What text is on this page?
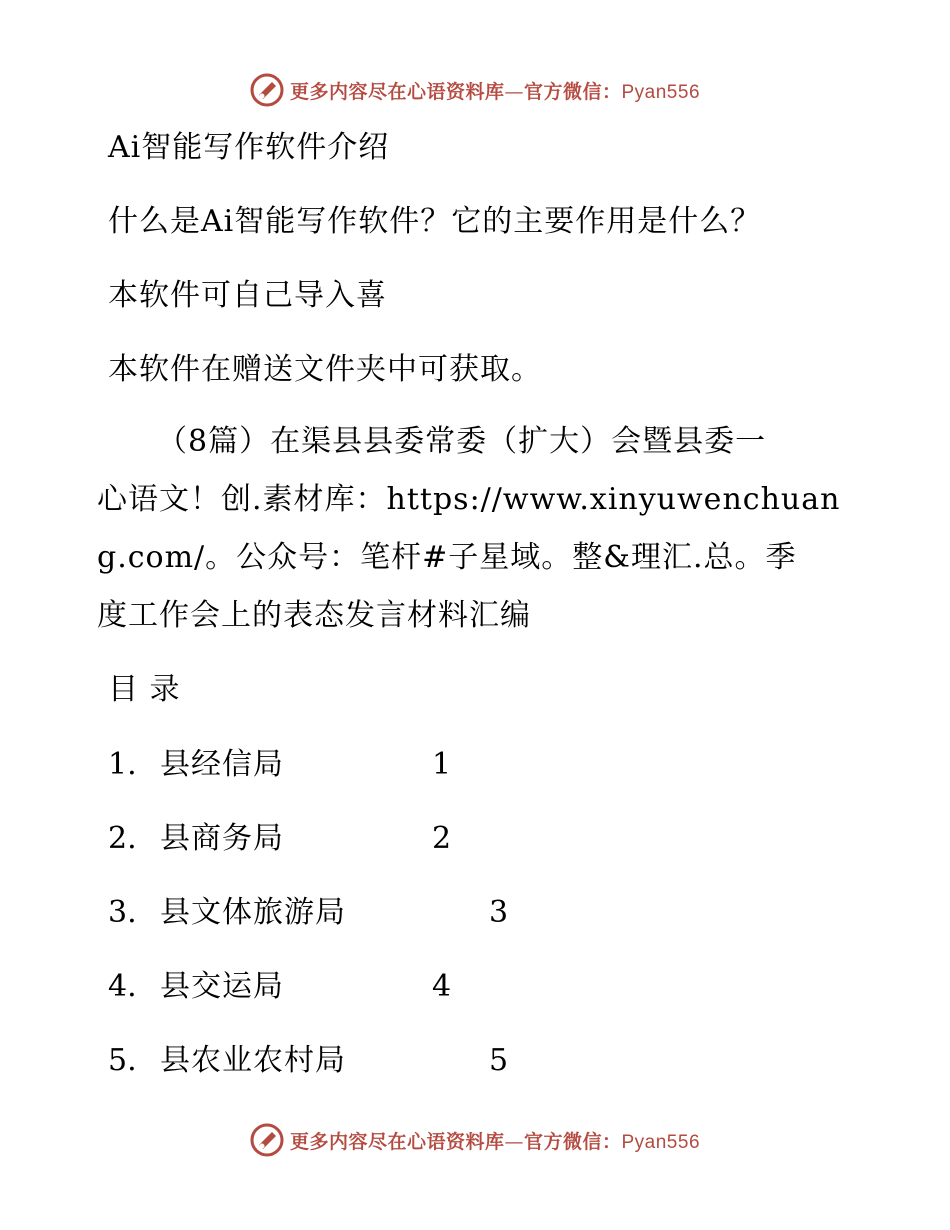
更多内容尽在心语资料库—官方微信：Pyan556
Ai智能写作软件介绍
什么是Ai智能写作软件？它的主要作用是什么？
本软件可自己导入喜
本软件在赠送文件夹中可获取。
（8篇）在渠县县委常委（扩大）会暨县委一
心语文！创.素材库：https://www.xinyuwenchuan
g.com/。公众号：笔杆#子星域。整&理汇.总。季
度工作会上的表态发言材料汇编
目 录
1. 县经信局	1
2. 县商务局	2
3. 县文体旅游局	3
4. 县交运局	4
5. 县农业农村局	5
更多内容尽在心语资料库—官方微信：Pyan556
